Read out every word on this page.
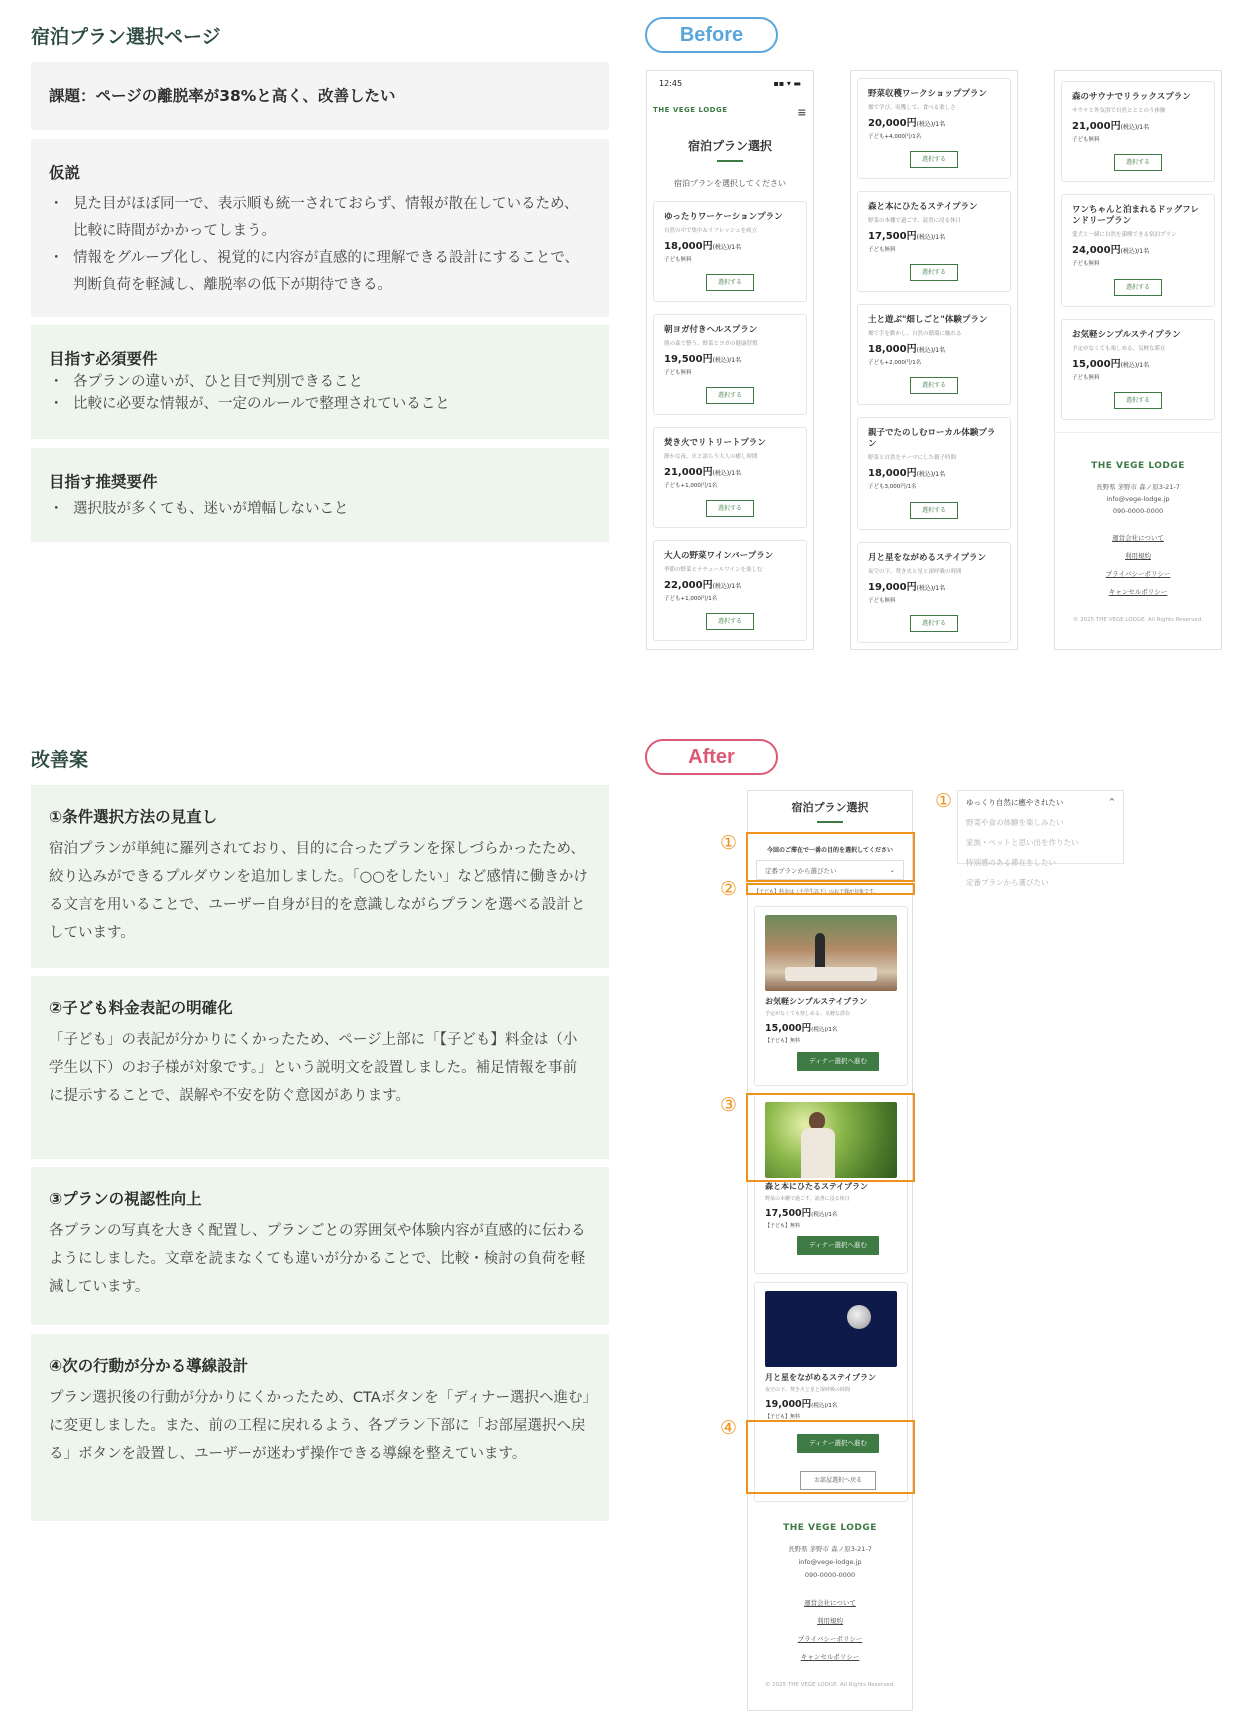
宿泊プラン選択ページ
課題：ページの離脱率が38%と高く、改善したい
仮説
・ 見た目がほぼ同一で、表示順も統一されておらず、情報が散在しているため、比較に時間がかかってしまう。
・ 情報をグループ化し、視覚的に内容が直感的に理解できる設計にすることで、判断負荷を軽減し、離脱率の低下が期待できる。
目指す必須要件
・ 各プランの違いが、ひと目で判別できること
・ 比較に必要な情報が、一定のルールで整理されていること
目指す推奨要件
・ 選択肢が多くても、迷いが増幅しないこと
改善案
①条件選択方法の見直し
宿泊プランが単純に羅列されており、目的に合ったプランを探しづらかったため、絞り込みができるプルダウンを追加しました。「○○をしたい」など感情に働きかける文言を用いることで、ユーザー自身が目的を意識しながらプランを選べる設計としています。
②子ども料金表記の明確化
「子ども」の表記が分かりにくかったため、ページ上部に「【子ども】料金は（小学生以下）のお子様が対象です。」という説明文を設置しました。補足情報を事前に提示することで、誤解や不安を防ぐ意図があります。
③プランの視認性向上
各プランの写真を大きく配置し、プランごとの雰囲気や体験内容が直感的に伝わるようにしました。文章を読まなくても違いが分かることで、比較・検討の負荷を軽減しています。
④次の行動が分かる導線設計
プラン選択後の行動が分かりにくかったため、CTAボタンを「ディナー選択へ進む」に変更しました。また、前の工程に戻れるよう、各プラン下部に「お部屋選択へ戻る」ボタンを設置し、ユーザーが迷わず操作できる導線を整えています。
Before
After
12:45	▪▪ ▾ ▬
THE VEGE LODGE	≡
宿泊プラン選択
宿泊プランを選択してください
ゆったりワーケーションプラン
自然の中で集中＆リフレッシュを両立
18,000円(税込)/1名
子ども無料
選択する
朝ヨガ付きヘルスプラン
朝の森で整う。野菜とヨガの健康習慣
19,500円(税込)/1名
子ども無料
選択する
焚き火でリトリートプラン
静かな夜、火と語らう大人の癒し時間
21,000円(税込)/1名
子ども+1,000円/1名
選択する
大人の野菜ワインバープラン
季節の野菜とナチュールワインを楽しむ
22,000円(税込)/1名
子ども+1,000円/1名
選択する
野菜収穫ワークショッププラン
畑で学び、収穫して、食べる楽しさ
20,000円(税込)/1名
子ども+4,000円/1名
選択する
森と本にひたるステイプラン
野菜の本棚で過ごす、読書に浸る休日
17,500円(税込)/1名
子ども無料
選択する
土と遊ぶ"畑しごと"体験プラン
畑で手を動かし、自然の循環に触れる
18,000円(税込)/1名
子ども+2,000円/1名
選択する
親子でたのしむローカル体験プラン
野菜と自然をテーマにした親子時間
18,000円(税込)/1名
子ども3,000円/1名
選択する
月と星をながめるステイプラン
夜空の下、焚き火と星と深呼吸の時間
19,000円(税込)/1名
子ども無料
選択する
森のサウナでリラックスプラン
サウナと外気浴で自然とととのう体験
21,000円(税込)/1名
子ども無料
選択する
ワンちゃんと泊まれるドッグフレンドリープラン
愛犬と一緒に自然を満喫できる宿泊プラン
24,000円(税込)/1名
子ども無料
選択する
お気軽シンプルステイプラン
予定がなくても楽しめる、気軽な滞在
15,000円(税込)/1名
子ども無料
選択する
THE VEGE LODGE
長野県 茅野市 森ノ原3-21-7
info@vege-lodge.jp
090-0000-0000
運営会社について
利用規約
プライバシーポリシー
キャンセルポリシー
© 2025 THE VEGE LODGE. All Rights Reserved.
宿泊プラン選択
今回のご滞在で一番の目的を選択してください
定番プランから選びたい	⌄
【子ども】料金は（小学生以下）のお子様が対象です。
お気軽シンプルステイプラン
予定がなくても楽しめる、気軽な滞在
15,000円(税込)/1名
【子ども】無料
ディナー選択へ進む
森と本にひたるステイプラン
野菜の本棚で過ごす、読書に浸る休日
17,500円(税込)/1名
【子ども】無料
ディナー選択へ進む
月と星をながめるステイプラン
夜空の下、焚き火と星と深呼吸の時間
19,000円(税込)/1名
【子ども】無料
ディナー選択へ進む
お部屋選択へ戻る
THE VEGE LODGE
長野県 茅野市 森ノ原3-21-7
info@vege-lodge.jp
090-0000-0000
運営会社について
利用規約
プライバシーポリシー
キャンセルポリシー
© 2025 THE VEGE LODGE. All Rights Reserved.
①
②
③
④
① ゆっくり自然に癒やされたい	^
野菜や食の体験を楽しみたい
家族・ペットと思い出を作りたい
特別感のある滞在をしたい
定番プランから選びたい
